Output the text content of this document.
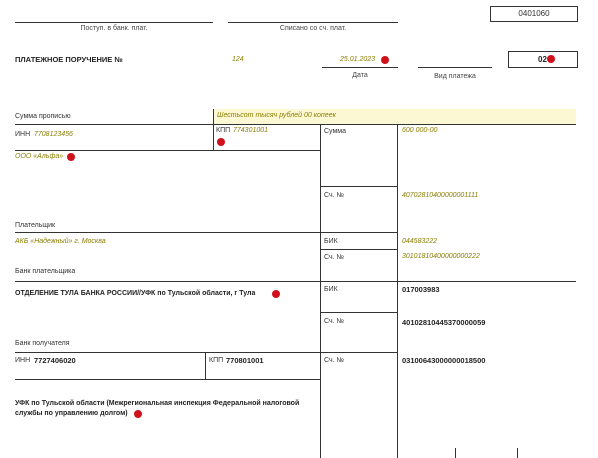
Поступ. в банк. плат.	Списано со сч. плат.
0401060
ПЛАТЕЖНОЕ ПОРУЧЕНИЕ №	124	25.01.2023
Дата	Вид платежа
02
Сумма прописью	Шестьсот тысяч рублей 00 копеек
ИНН 7708123456
КПП 774301001
ООО «Альфа»
Сумма	600 000-00
Сч. №	40702810400000001111
Плательщик
АКБ «Надежный» г. Москва	БИК	044583222
Сч. №	30101810400000000222
Банк плательщика
ОТДЕЛЕНИЕ ТУЛА БАНКА РОССИИ//УФК по Тульской области, г Тула
БИК	017003983
Сч. №	40102810445370000059
Банк получателя
ИНН 7727406020	КПП 770801001	Сч. №	03100643000000018500
УФК по Тульской области (Межрегиональная инспекция Федеральной налоговой
службы по управлению долгом)
